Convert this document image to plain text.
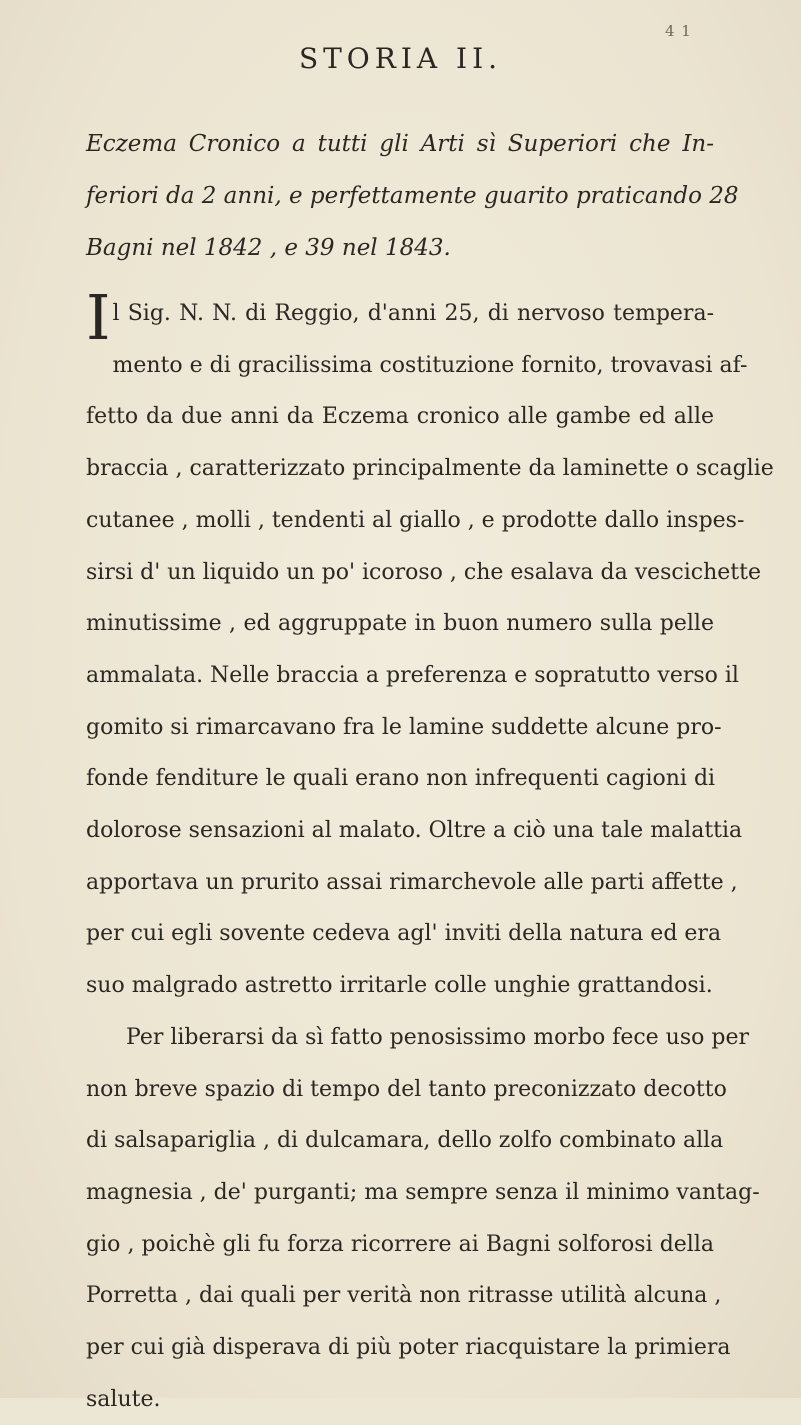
4 1
STORIA II.
Eczema Cronico a tutti gli Arti sì Superiori che In-
feriori da 2 anni, e perfettamente guarito praticando 28
Bagni nel 1842 , e 39 nel 1843.
I l Sig. N. N. di Reggio, d'anni 25, di nervoso tempera-
mento e di gracilissima costituzione fornito, trovavasi af-
fetto da due anni da Eczema cronico alle gambe ed alle
braccia , caratterizzato principalmente da laminette o scaglie
cutanee , molli , tendenti al giallo , e prodotte dallo inspes-
sirsi d' un liquido un po' icoroso , che esalava da vescichette
minutissime , ed aggruppate in buon numero sulla pelle
ammalata. Nelle braccia a preferenza e sopratutto verso il
gomito si rimarcavano fra le lamine suddette alcune pro-
fonde fenditure le quali erano non infrequenti cagioni di
dolorose sensazioni al malato. Oltre a ciò una tale malattia
apportava un prurito assai rimarchevole alle parti affette ,
per cui egli sovente cedeva agl' inviti della natura ed era
suo malgrado astretto irritarle colle unghie grattandosi.
Per liberarsi da sì fatto penosissimo morbo fece uso per
non breve spazio di tempo del tanto preconizzato decotto
di salsapariglia , di dulcamara, dello zolfo combinato alla
magnesia , de' purganti; ma sempre senza il minimo vantag-
gio , poichè gli fu forza ricorrere ai Bagni solforosi della
Porretta , dai quali per verità non ritrasse utilità alcuna ,
per cui già disperava di più poter riacquistare la primiera
salute.
